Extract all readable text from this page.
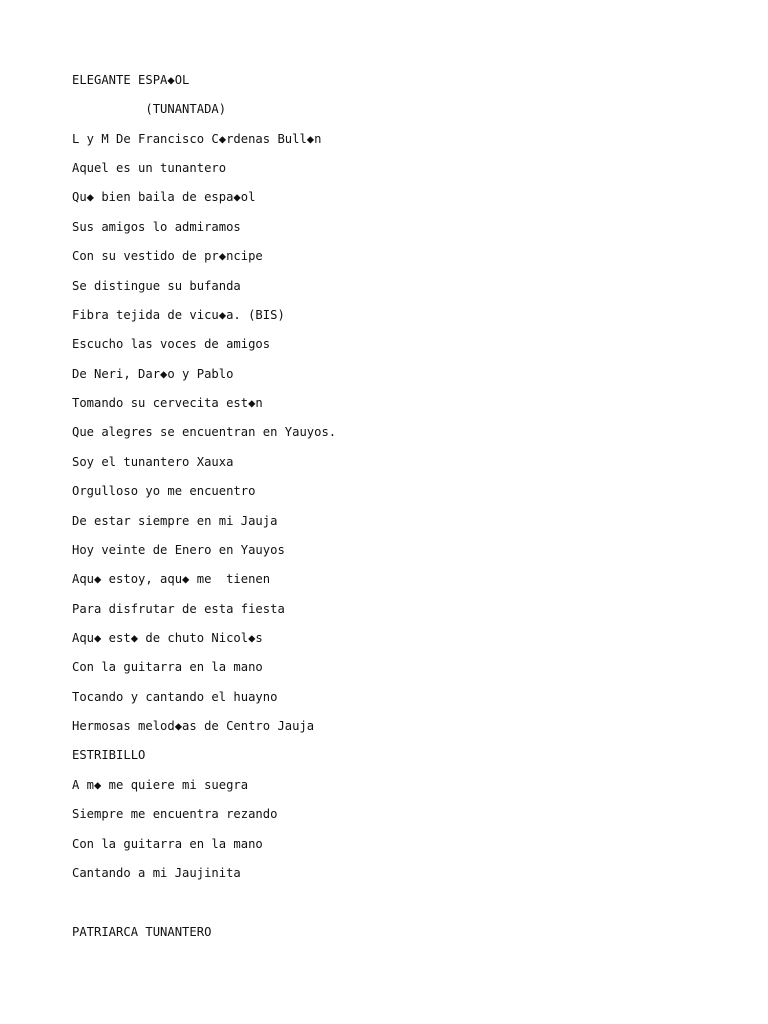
ELEGANTE ESPA◆OL

(TUNANTADA)

L y M De Francisco C◆rdenas Bull◆n

Aquel es un tunantero

Qu◆ bien baila de espa◆ol

Sus amigos lo admiramos

Con su vestido de pr◆ncipe

Se distingue su bufanda

Fibra tejida de vicu◆a. (BIS)

Escucho las voces de amigos

De Neri, Dar◆o y Pablo

Tomando su cervecita est◆n

Que alegres se encuentran en Yauyos.

Soy el tunantero Xauxa

Orgulloso yo me encuentro

De estar siempre en mi Jauja

Hoy veinte de Enero en Yauyos

Aqu◆ estoy, aqu◆ me  tienen

Para disfrutar de esta fiesta

Aqu◆ est◆ de chuto Nicol◆s

Con la guitarra en la mano

Tocando y cantando el huayno

Hermosas melod◆as de Centro Jauja

ESTRIBILLO

A m◆ me quiere mi suegra

Siempre me encuentra rezando

Con la guitarra en la mano

Cantando a mi Jaujinita

PATRIARCA TUNANTERO
